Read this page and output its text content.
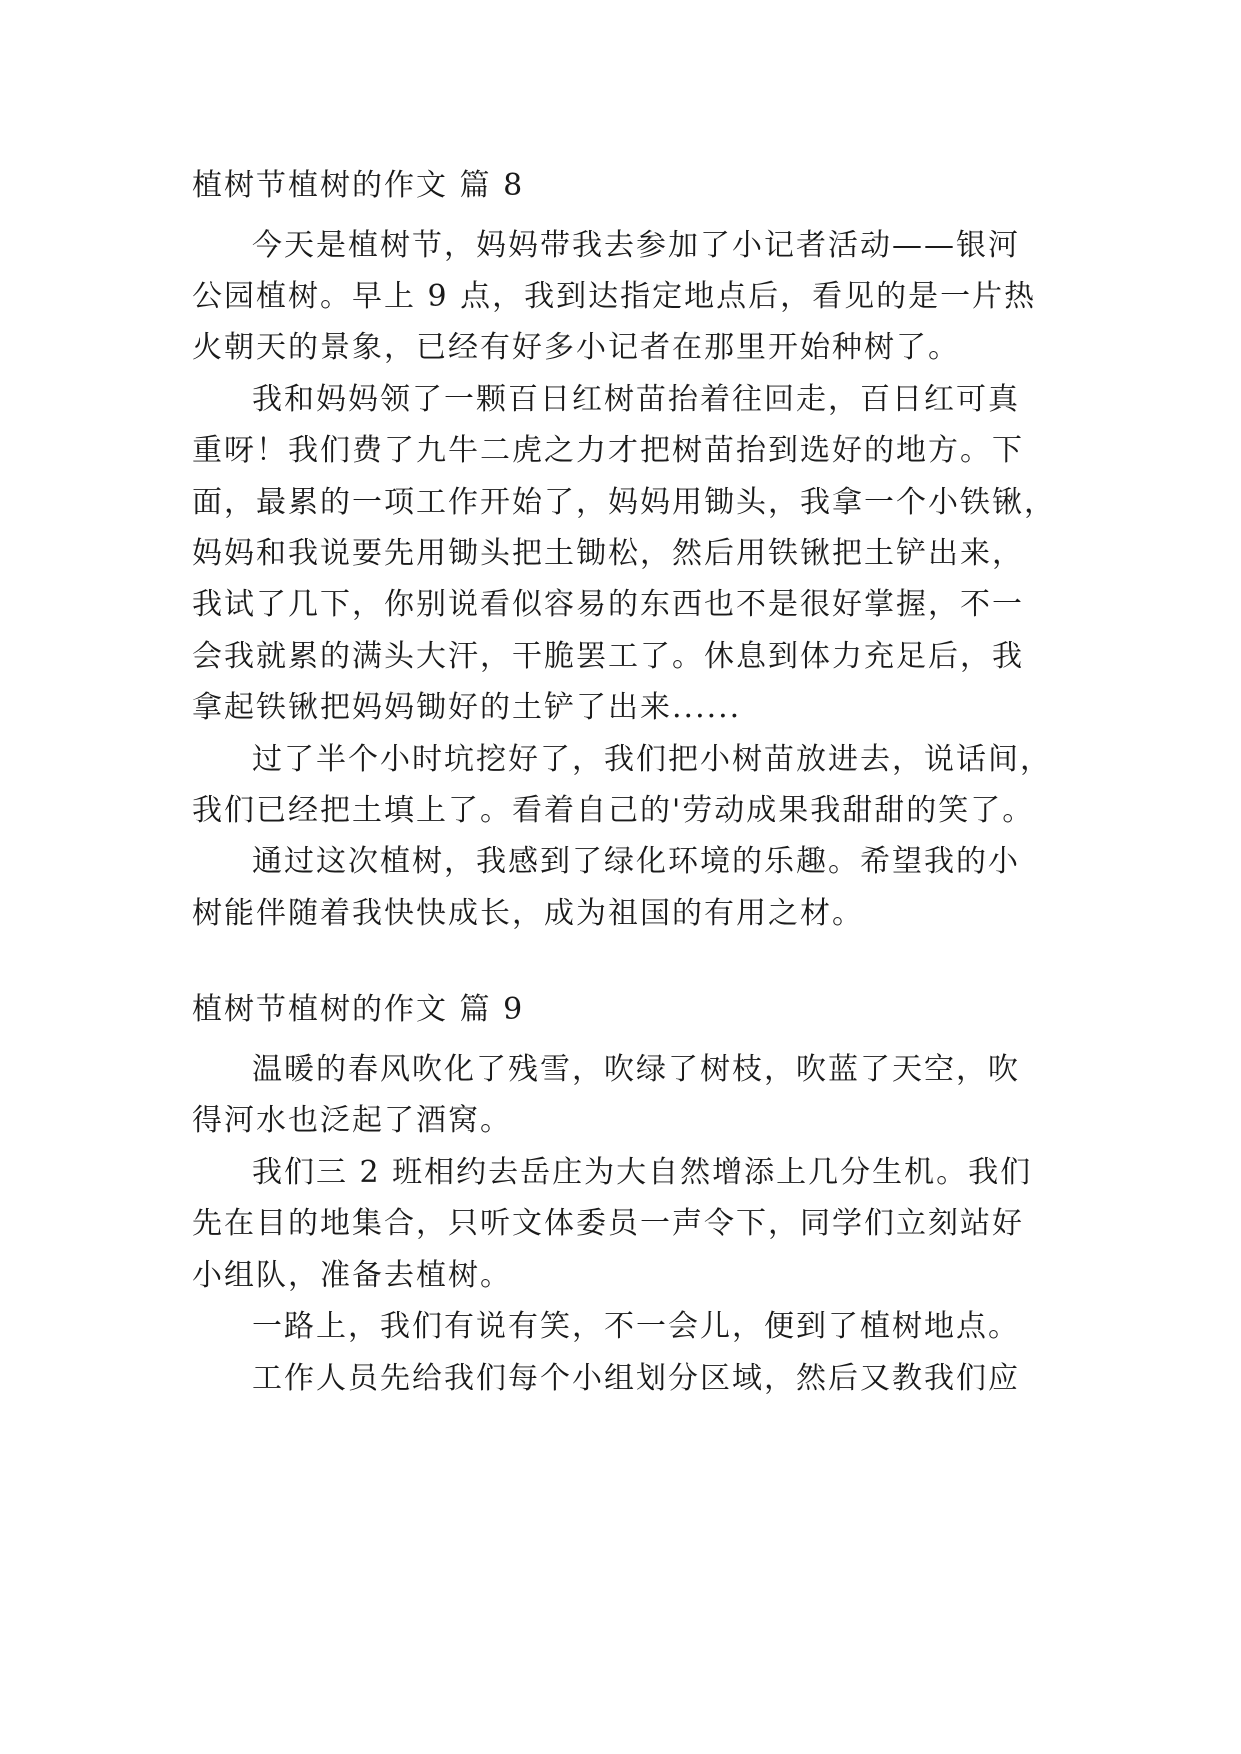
植树节植树的作文 篇 8
今天是植树节，妈妈带我去参加了小记者活动——银河
公园植树。早上 9 点，我到达指定地点后，看见的是一片热
火朝天的景象，已经有好多小记者在那里开始种树了。
我和妈妈领了一颗百日红树苗抬着往回走，百日红可真
重呀！我们费了九牛二虎之力才把树苗抬到选好的地方。下
面，最累的一项工作开始了，妈妈用锄头，我拿一个小铁锹，
妈妈和我说要先用锄头把土锄松，然后用铁锹把土铲出来，
我试了几下，你别说看似容易的东西也不是很好掌握，不一
会我就累的满头大汗，干脆罢工了。休息到体力充足后，我
拿起铁锹把妈妈锄好的土铲了出来......
过了半个小时坑挖好了，我们把小树苗放进去，说话间，
我们已经把土填上了。看着自己的'劳动成果我甜甜的笑了。
通过这次植树，我感到了绿化环境的乐趣。希望我的小
树能伴随着我快快成长，成为祖国的有用之材。
植树节植树的作文 篇 9
温暖的春风吹化了残雪，吹绿了树枝，吹蓝了天空，吹
得河水也泛起了酒窝。
我们三 2 班相约去岳庄为大自然增添上几分生机。我们
先在目的地集合，只听文体委员一声令下，同学们立刻站好
小组队，准备去植树。
一路上，我们有说有笑，不一会儿，便到了植树地点。
工作人员先给我们每个小组划分区域，然后又教我们应
